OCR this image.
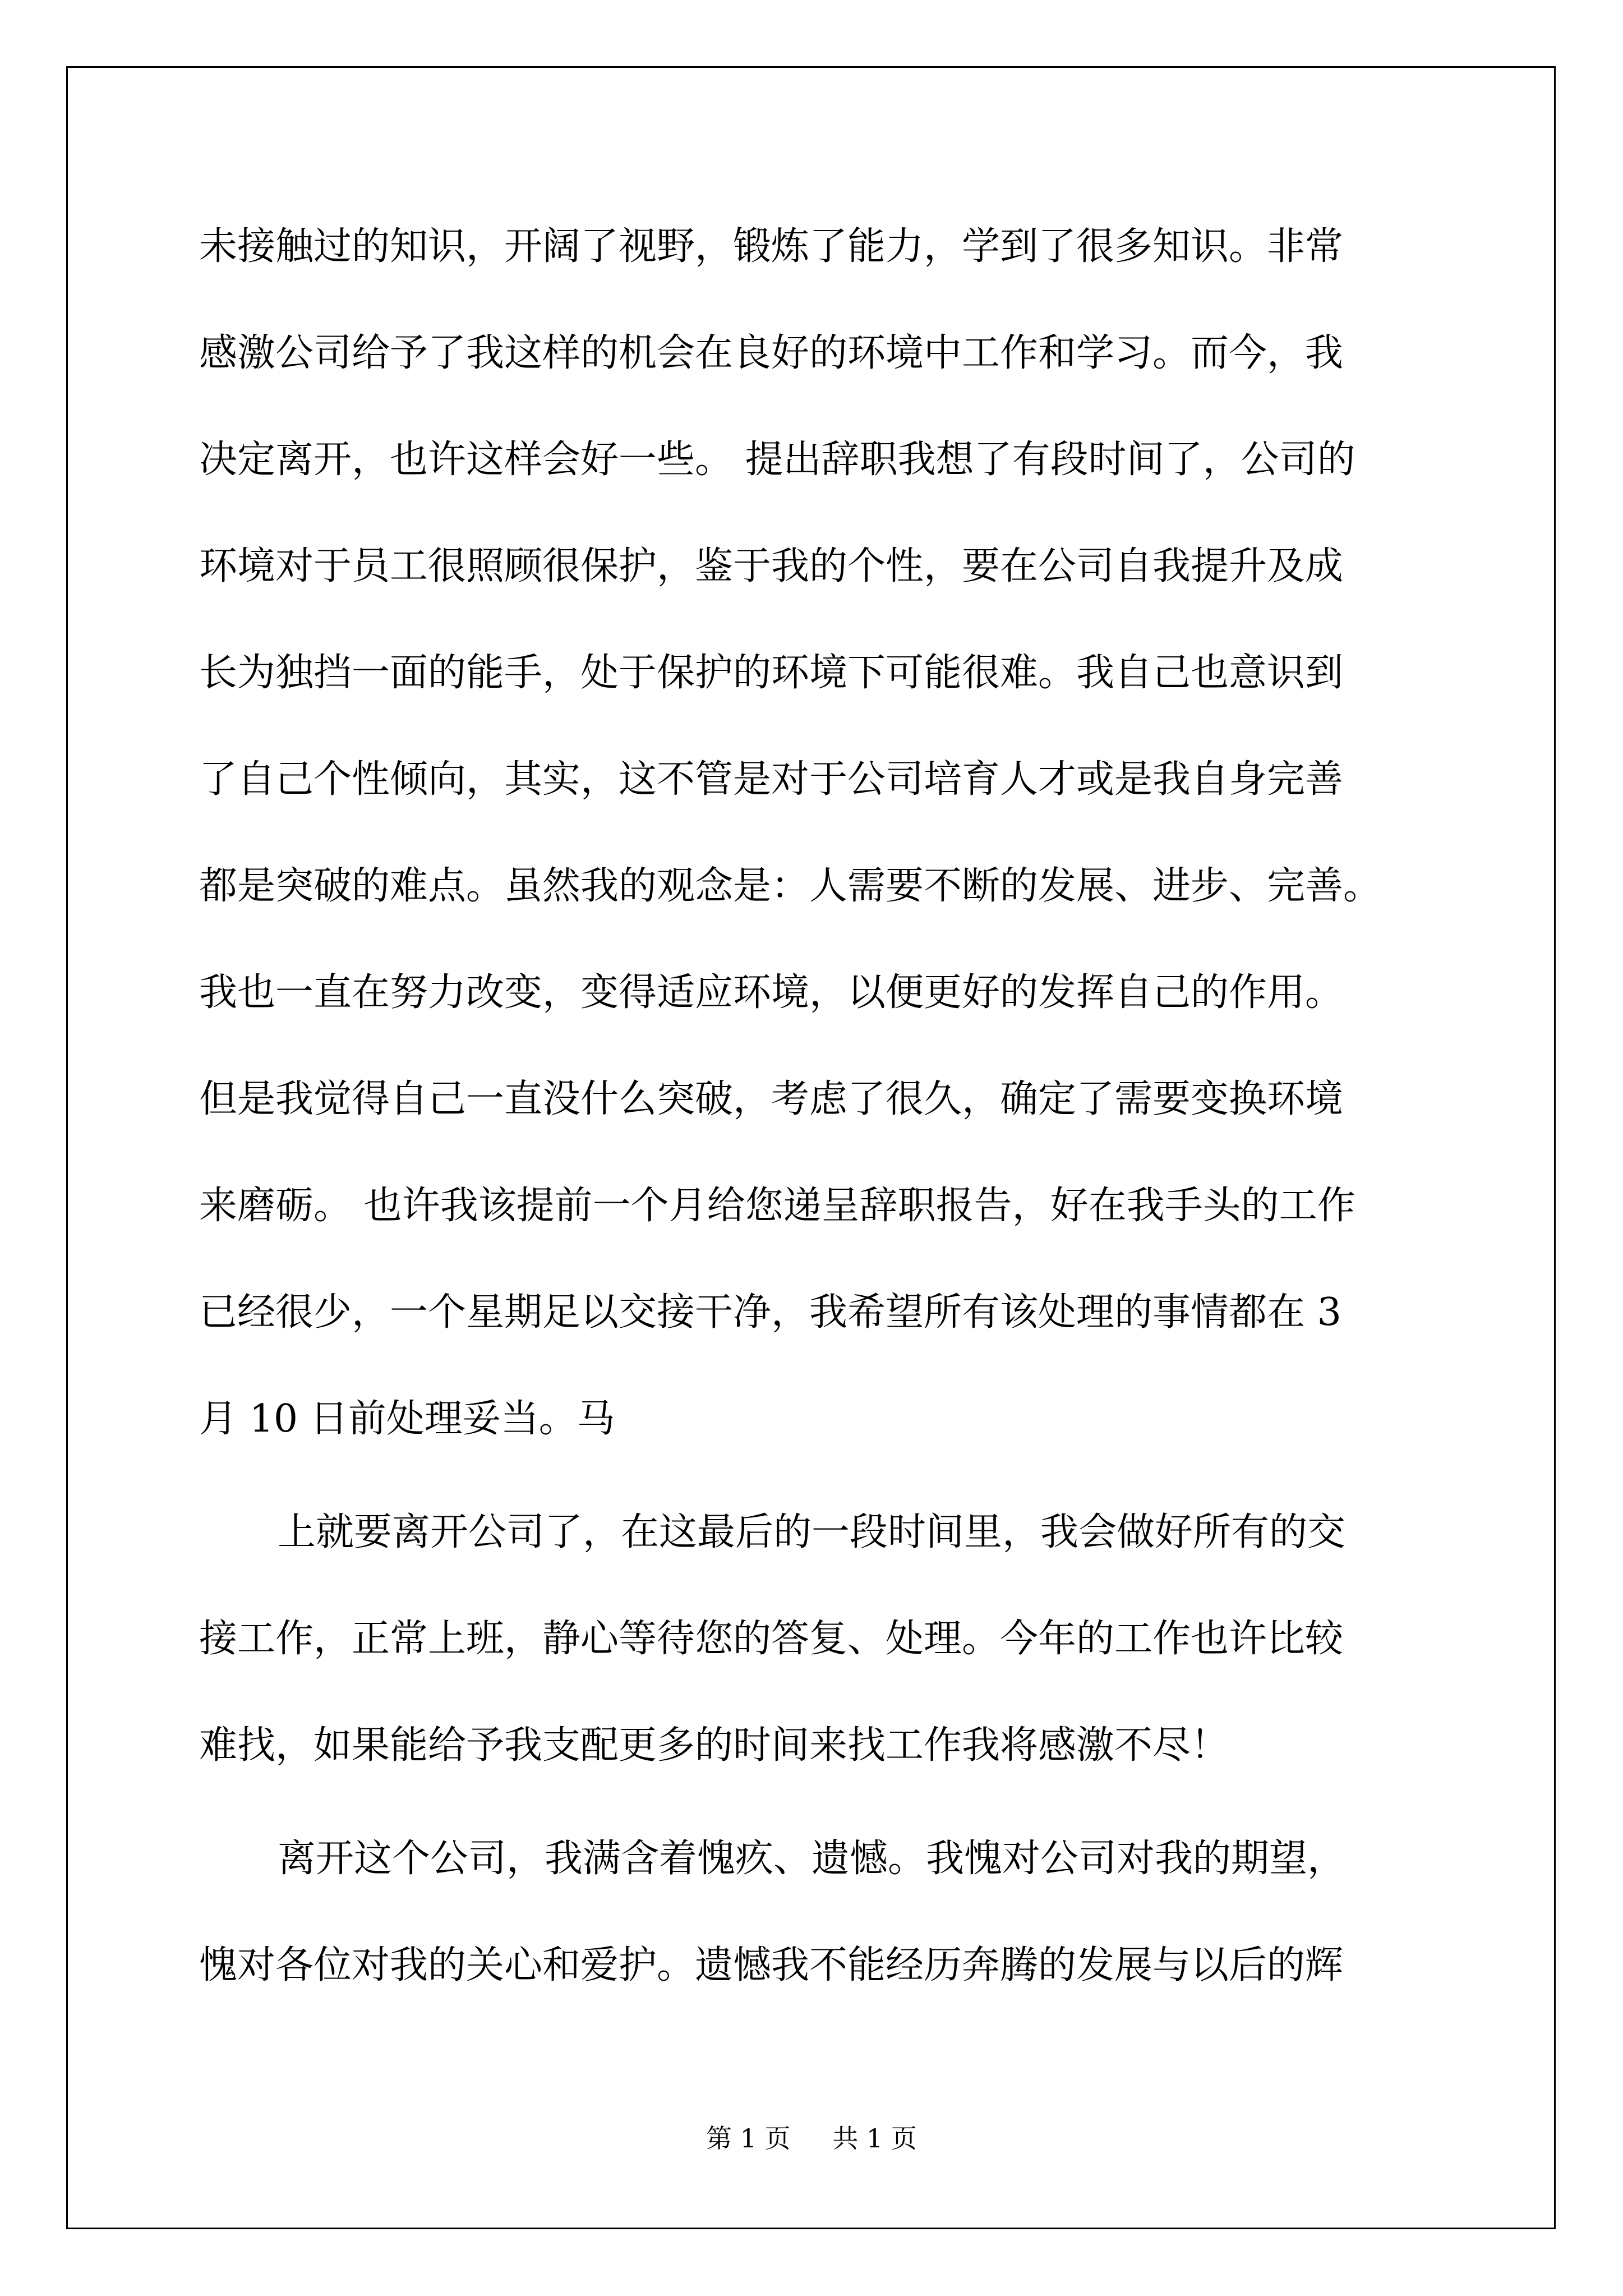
未接触过的知识，开阔了视野，锻炼了能力，学到了很多知识。非常
感激公司给予了我这样的机会在良好的环境中工作和学习。而今，我
决定离开，也许这样会好一些。 提出辞职我想了有段时间了，公司的
环境对于员工很照顾很保护，鉴于我的个性，要在公司自我提升及成
长为独挡一面的能手，处于保护的环境下可能很难。我自己也意识到
了自己个性倾向，其实，这不管是对于公司培育人才或是我自身完善
都是突破的难点。虽然我的观念是：人需要不断的发展、进步、完善。
我也一直在努力改变，变得适应环境，以便更好的发挥自己的作用。
但是我觉得自己一直没什么突破，考虑了很久，确定了需要变换环境
来磨砺。 也许我该提前一个月给您递呈辞职报告，好在我手头的工作
已经很少，一个星期足以交接干净，我希望所有该处理的事情都在 3
月 10 日前处理妥当。马
上就要离开公司了，在这最后的一段时间里，我会做好所有的交
接工作，正常上班，静心等待您的答复、处理。今年的工作也许比较
难找，如果能给予我支配更多的时间来找工作我将感激不尽！
离开这个公司，我满含着愧疚、遗憾。我愧对公司对我的期望，
愧对各位对我的关心和爱护。遗憾我不能经历奔腾的发展与以后的辉
第 1 页 共 1 页
